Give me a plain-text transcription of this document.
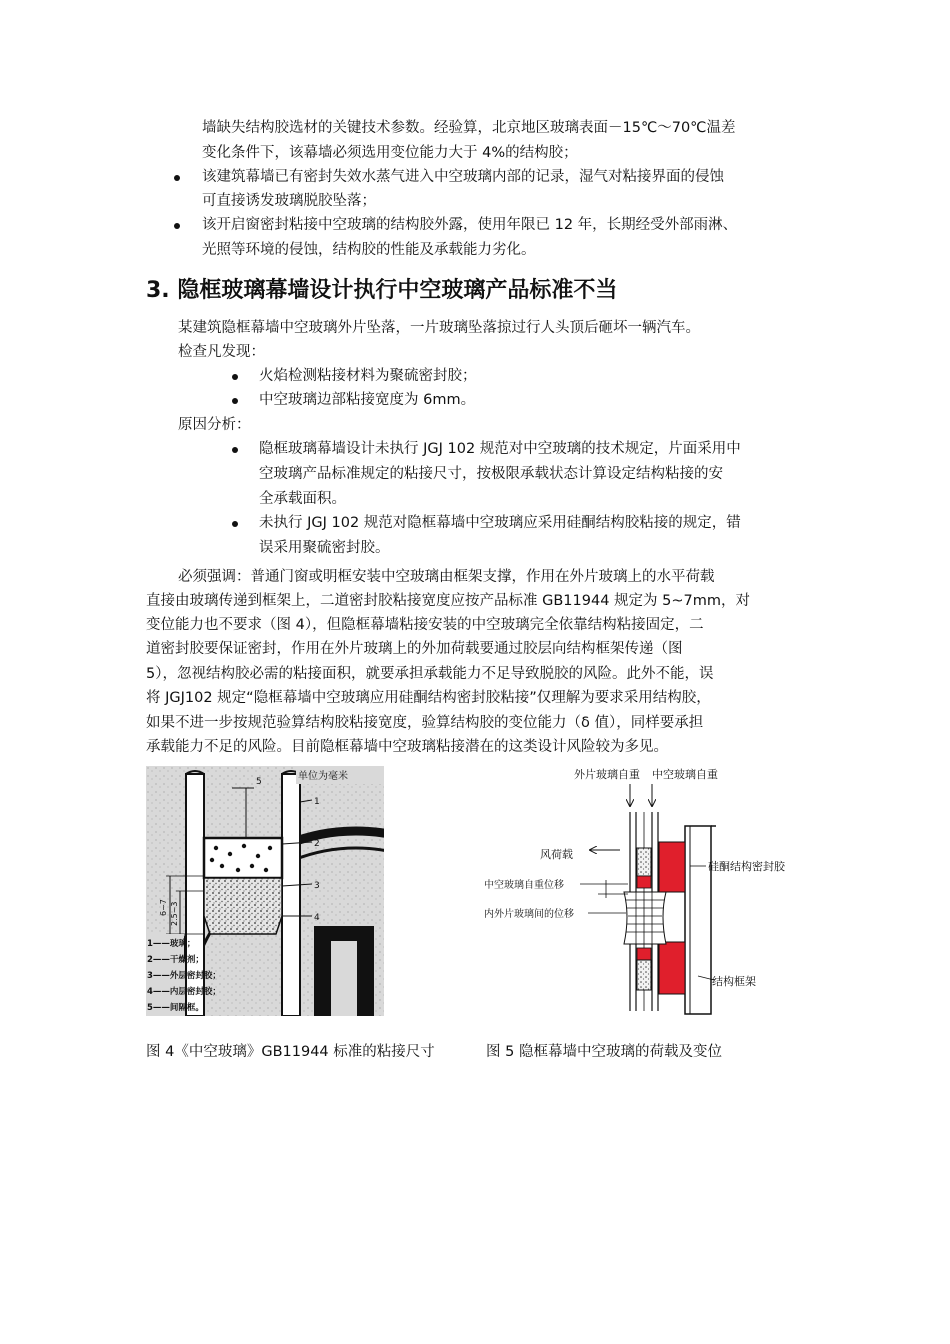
墙缺失结构胶选材的关键技术参数。经验算，北京地区玻璃表面－15℃～70℃温差
变化条件下，该幕墙必须选用变位能力大于 4%的结构胶；
该建筑幕墙已有密封失效水蒸气进入中空玻璃内部的记录，湿气对粘接界面的侵蚀
可直接诱发玻璃脱胶坠落；
该开启窗密封粘接中空玻璃的结构胶外露，使用年限已 12 年，长期经受外部雨淋、
光照等环境的侵蚀，结构胶的性能及承载能力劣化。
3. 隐框玻璃幕墙设计执行中空玻璃产品标准不当
某建筑隐框幕墙中空玻璃外片坠落，一片玻璃坠落掠过行人头顶后砸坏一辆汽车。
检查凡发现：
火焰检测粘接材料为聚硫密封胶；
中空玻璃边部粘接宽度为 6mm。
原因分析：
隐框玻璃幕墙设计未执行 JGJ 102 规范对中空玻璃的技术规定，片面采用中
空玻璃产品标准规定的粘接尺寸，按极限承载状态计算设定结构粘接的安
全承载面积。
未执行 JGJ 102 规范对隐框幕墙中空玻璃应采用硅酮结构胶粘接的规定，错
误采用聚硫密封胶。
必须强调：普通门窗或明框安装中空玻璃由框架支撑，作用在外片玻璃上的水平荷载
直接由玻璃传递到框架上，二道密封胶粘接宽度应按产品标准 GB11944 规定为 5~7mm，对
变位能力也不要求（图 4），但隐框幕墙粘接安装的中空玻璃完全依靠结构粘接固定，二
道密封胶要保证密封，作用在外片玻璃上的外加荷载要通过胶层向结构框架传递（图
5），忽视结构胶必需的粘接面积，就要承担承载能力不足导致脱胶的风险。此外不能，误
将 JGJ102 规定“隐框幕墙中空玻璃应用硅酮结构密封胶粘接”仅理解为要求采用结构胶，
如果不进一步按规范验算结构胶粘接宽度，验算结构胶的变位能力（δ 值），同样要承担
承载能力不足的风险。目前隐框幕墙中空玻璃粘接潜在的这类设计风险较为多见。
单位为毫米
5
1
2
3
4
6~7 2.5~3
1——玻璃；
2——干燥剂；
3——外层密封胶；
4——内层密封胶；
5——间隔框。
外片玻璃自重 中空玻璃自重
风荷载
中空玻璃自重位移
内外片玻璃间的位移
硅酮结构密封胶
结构框架
图 4《中空玻璃》GB11944 标准的粘接尺寸	图 5 隐框幕墙中空玻璃的荷载及变位
